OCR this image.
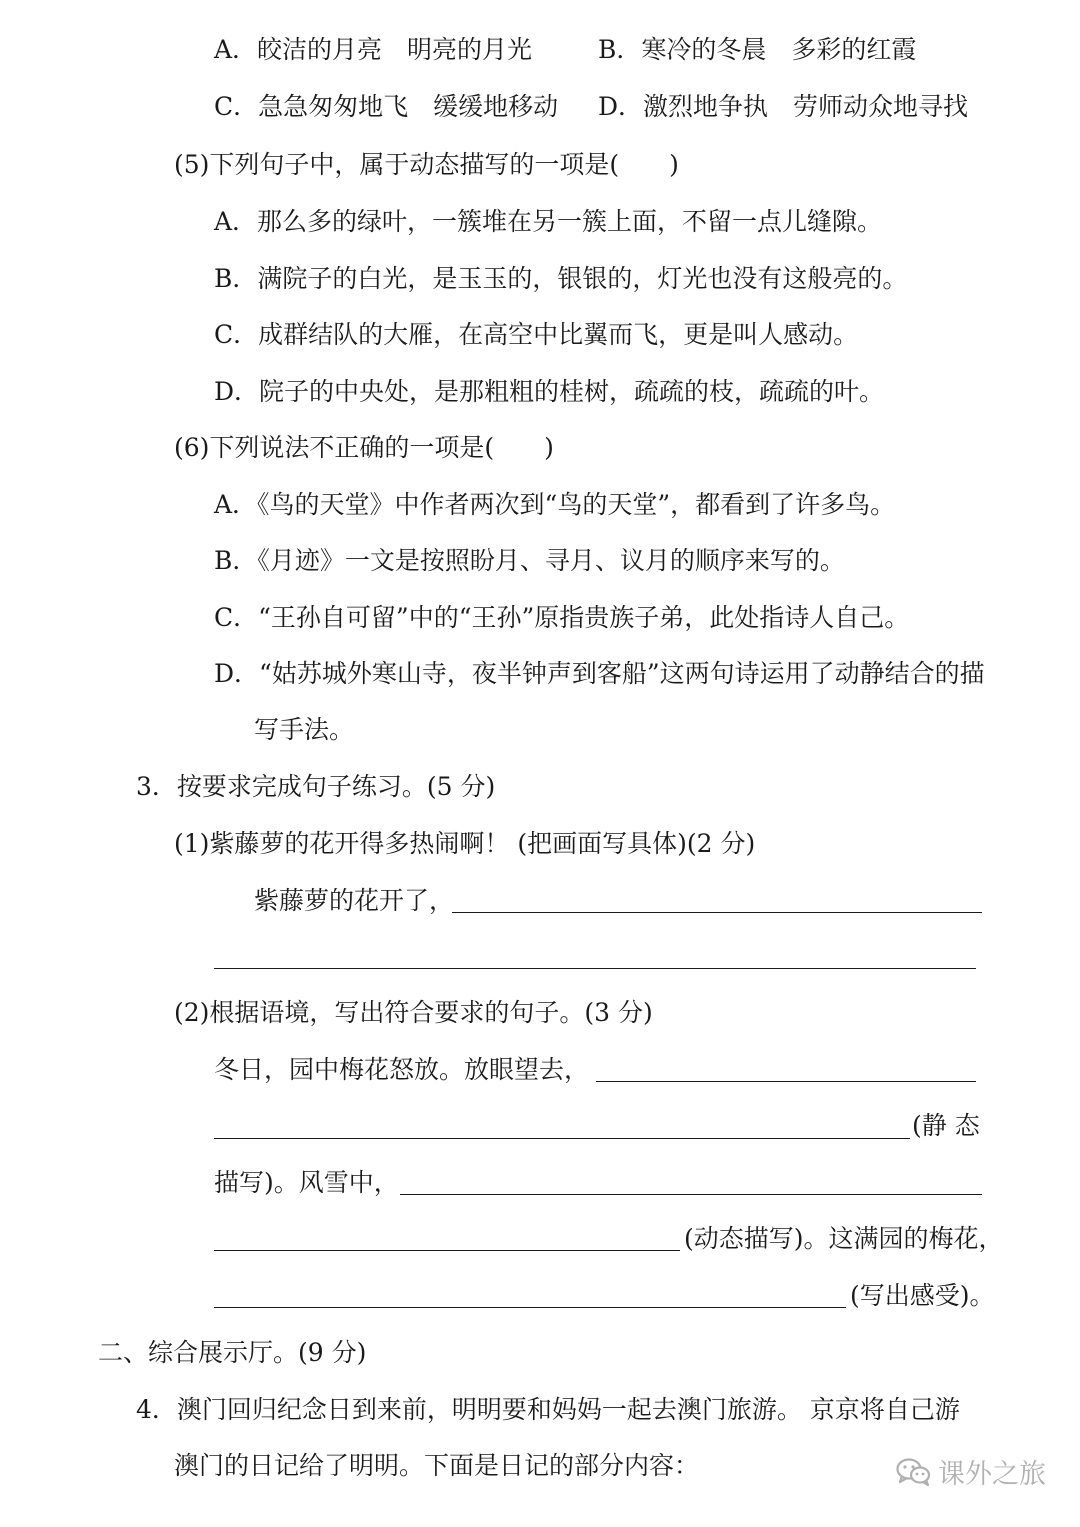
A．皎洁的月亮　明亮的月光	B．寒冷的冬晨　多彩的红霞
C．急急匆匆地飞　缓缓地移动 D．激烈地争执　劳师动众地寻找
(5)下列句子中，属于动态描写的一项是(　　)
A．那么多的绿叶，一簇堆在另一簇上面，不留一点儿缝隙。
B．满院子的白光，是玉玉的，银银的，灯光也没有这般亮的。
C．成群结队的大雁，在高空中比翼而飞，更是叫人感动。
D．院子的中央处，是那粗粗的桂树，疏疏的枝，疏疏的叶。
(6)下列说法不正确的一项是(　　)
A．《鸟的天堂》中作者两次到“鸟的天堂”，都看到了许多鸟。
B．《月迹》一文是按照盼月、寻月、议月的顺序来写的。
C．“王孙自可留”中的“王孙”原指贵族子弟，此处指诗人自己。
D．“姑苏城外寒山寺，夜半钟声到客船”这两句诗运用了动静结合的描
写手法。
3．按要求完成句子练习。(5 分)
(1)紫藤萝的花开得多热闹啊！ (把画面写具体)(2 分)
紫藤萝的花开了，
(2)根据语境，写出符合要求的句子。(3 分)
冬日，园中梅花怒放。放眼望去，
(静 态
描写)。风雪中，
(动态描写)。这满园的梅花，
(写出感受)。
二、综合展示厅。(9 分)
4．澳门回归纪念日到来前，明明要和妈妈一起去澳门旅游。 京京将自己游
澳门的日记给了明明。下面是日记的部分内容：	课外之旅
